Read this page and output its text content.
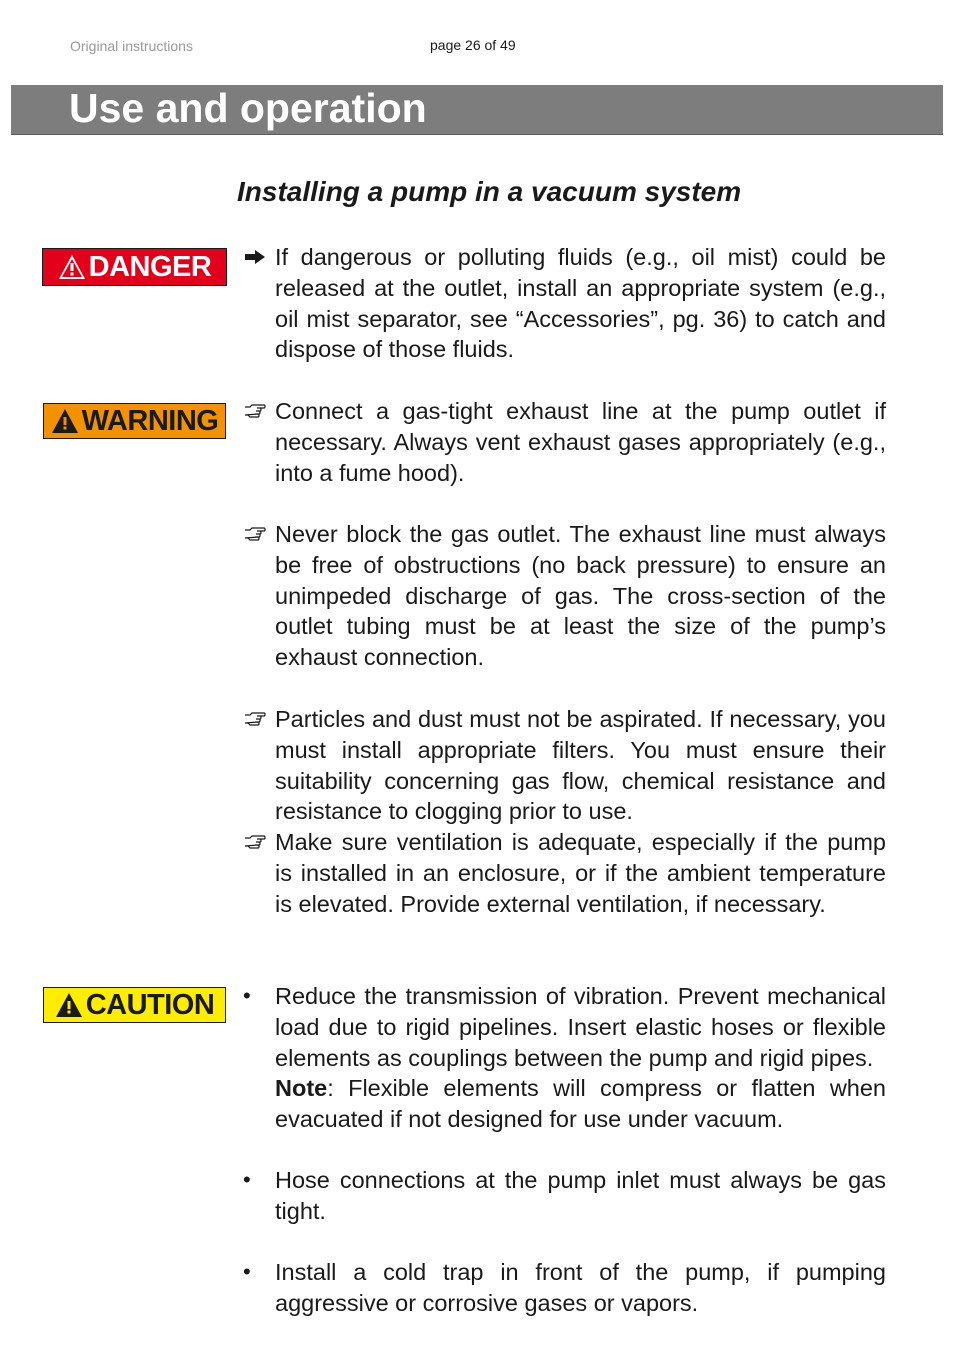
Original instructions	page 26 of 49
Use and operation
Installing a pump in a vacuum system
DANGER
WARNING
CAUTION
If dangerous or polluting fluids (e.g., oil mist) could be released at the outlet, install an appropriate system (e.g., oil mist separator, see “Accessories”, pg. 36) to catch and dispose of those fluids.
Connect a gas-tight exhaust line at the pump outlet if necessary. Always vent exhaust gases appropriately (e.g., into a fume hood).
Never block the gas outlet. The exhaust line must always be free of obstructions (no back pressure) to ensure an unimpeded discharge of gas. The cross-section of the outlet tubing must be at least the size of the pump’s exhaust connection.
Particles and dust must not be aspirated. If necessary, you must install appropriate filters. You must ensure their suitability concerning gas flow, chemical resistance and resistance to clogging prior to use.
Make sure ventilation is adequate, especially if the pump is installed in an enclosure, or if the ambient temperature is elevated. Provide external ventilation, if necessary.
•	Reduce the transmission of vibration. Prevent mechanical load due to rigid pipelines. Insert elastic hoses or flexible elements as couplings between the pump and rigid pipes.
Note: Flexible elements will compress or flatten when evacuated if not designed for use under vacuum.
•	Hose connections at the pump inlet must always be gas tight.
•	Install a cold trap in front of the pump, if pumping aggressive or corrosive gases or vapors.
